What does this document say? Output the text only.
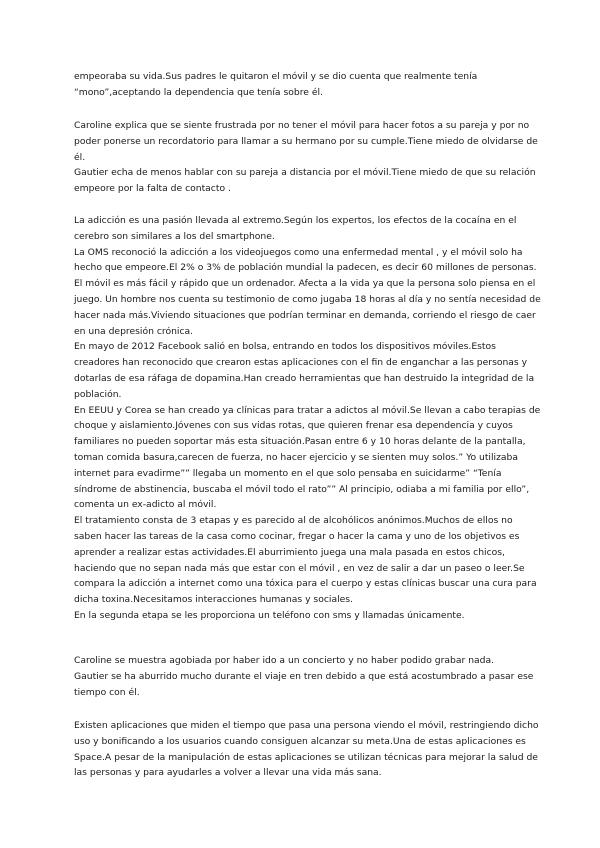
empeoraba su vida.Sus padres le quitaron el móvil y se dio cuenta que realmente tenía
“mono”,aceptando la dependencia que tenía sobre él.
Caroline explica que se siente frustrada por no tener el móvil para hacer fotos a su pareja y por no
poder ponerse un recordatorio para llamar a su hermano por su cumple.Tiene miedo de olvidarse de
él.
Gautier echa de menos hablar con su pareja a distancia por el móvil.Tiene miedo de que su relación
empeore por la falta de contacto .
La adicción es una pasión llevada al extremo.Según los expertos, los efectos de la cocaína en el
cerebro son similares a los del smartphone.
La OMS reconoció la adicción a los videojuegos como una enfermedad mental , y el móvil solo ha
hecho que empeore.El 2% o 3% de población mundial la padecen, es decir 60 millones de personas.
El móvil es más fácil y rápido que un ordenador. Afecta a la vida ya que la persona solo piensa en el
juego. Un hombre nos cuenta su testimonio de como jugaba 18 horas al día y no sentía necesidad de
hacer nada más.Viviendo situaciones que podrían terminar en demanda, corriendo el riesgo de caer
en una depresión crónica.
En mayo de 2012 Facebook salió en bolsa, entrando en todos los dispositivos móviles.Estos
creadores han reconocido que crearon estas aplicaciones con el fin de enganchar a las personas y
dotarlas de esa ráfaga de dopamina.Han creado herramientas que han destruido la integridad de la
población.
En EEUU y Corea se han creado ya clínicas para tratar a adictos al móvil.Se llevan a cabo terapias de
choque y aislamiento.Jóvenes con sus vidas rotas, que quieren frenar esa dependencia y cuyos
familiares no pueden soportar más esta situación.Pasan entre 6 y 10 horas delante de la pantalla,
toman comida basura,carecen de fuerza, no hacer ejercicio y se sienten muy solos.” Yo utilizaba
internet para evadirme”” llegaba un momento en el que solo pensaba en suicidarme” “Tenía
síndrome de abstinencia, buscaba el móvil todo el rato”” Al principio, odiaba a mi familia por ello”,
comenta un ex-adicto al móvil.
El tratamiento consta de 3 etapas y es parecido al de alcohólicos anónimos.Muchos de ellos no
saben hacer las tareas de la casa como cocinar, fregar o hacer la cama y uno de los objetivos es
aprender a realizar estas actividades.El aburrimiento juega una mala pasada en estos chicos,
haciendo que no sepan nada más que estar con el móvil , en vez de salir a dar un paseo o leer.Se
compara la adicción a internet como una tóxica para el cuerpo y estas clínicas buscar una cura para
dicha toxina.Necesitamos interacciones humanas y sociales.
En la segunda etapa se les proporciona un teléfono con sms y llamadas únicamente.
Caroline se muestra agobiada por haber ido a un concierto y no haber podido grabar nada.
Gautier se ha aburrido mucho durante el viaje en tren debido a que está acostumbrado a pasar ese
tiempo con él.
Existen aplicaciones que miden el tiempo que pasa una persona viendo el móvil, restringiendo dicho
uso y bonificando a los usuarios cuando consiguen alcanzar su meta.Una de estas aplicaciones es
Space.A pesar de la manipulación de estas aplicaciones se utilizan técnicas para mejorar la salud de
las personas y para ayudarles a volver a llevar una vida más sana.
